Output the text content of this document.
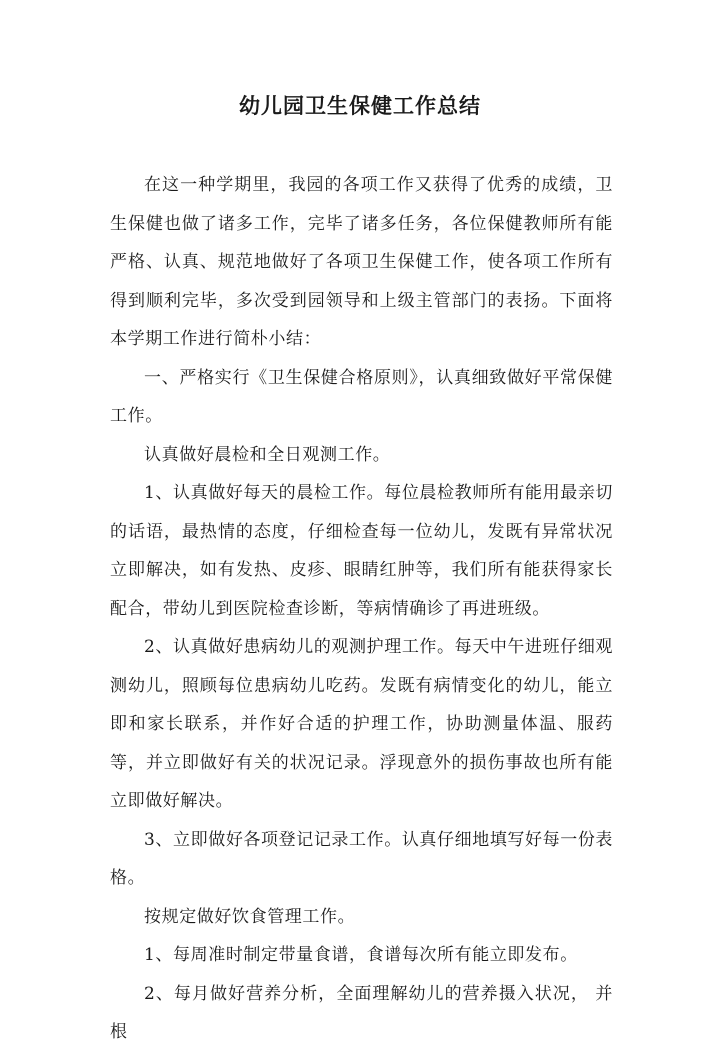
幼儿园卫生保健工作总结

在这一种学期里，我园的各项工作又获得了优秀的成绩，卫生保健也做了诸多工作，完毕了诸多任务，各位保健教师所有能严格、认真、规范地做好了各项卫生保健工作，使各项工作所有得到顺利完毕，多次受到园领导和上级主管部门的表扬。下面将本学期工作进行简朴小结：

一、严格实行《卫生保健合格原则》，认真细致做好平常保健工作。

认真做好晨检和全日观测工作。

1、认真做好每天的晨检工作。每位晨检教师所有能用最亲切的话语，最热情的态度，仔细检查每一位幼儿，发既有异常状况立即解决，如有发热、皮疹、眼睛红肿等，我们所有能获得家长配合，带幼儿到医院检查诊断，等病情确诊了再进班级。

2、认真做好患病幼儿的观测护理工作。每天中午进班仔细观测幼儿，照顾每位患病幼儿吃药。发既有病情变化的幼儿，能立即和家长联系，并作好合适的护理工作，协助测量体温、服药等，并立即做好有关的状况记录。浮现意外的损伤事故也所有能立即做好解决。

3、立即做好各项登记记录工作。认真仔细地填写好每一份表格。

按规定做好饮食管理工作。

1、每周准时制定带量食谱，食谱每次所有能立即发布。

2、每月做好营养分析，全面理解幼儿的营养摄入状况， 并根
